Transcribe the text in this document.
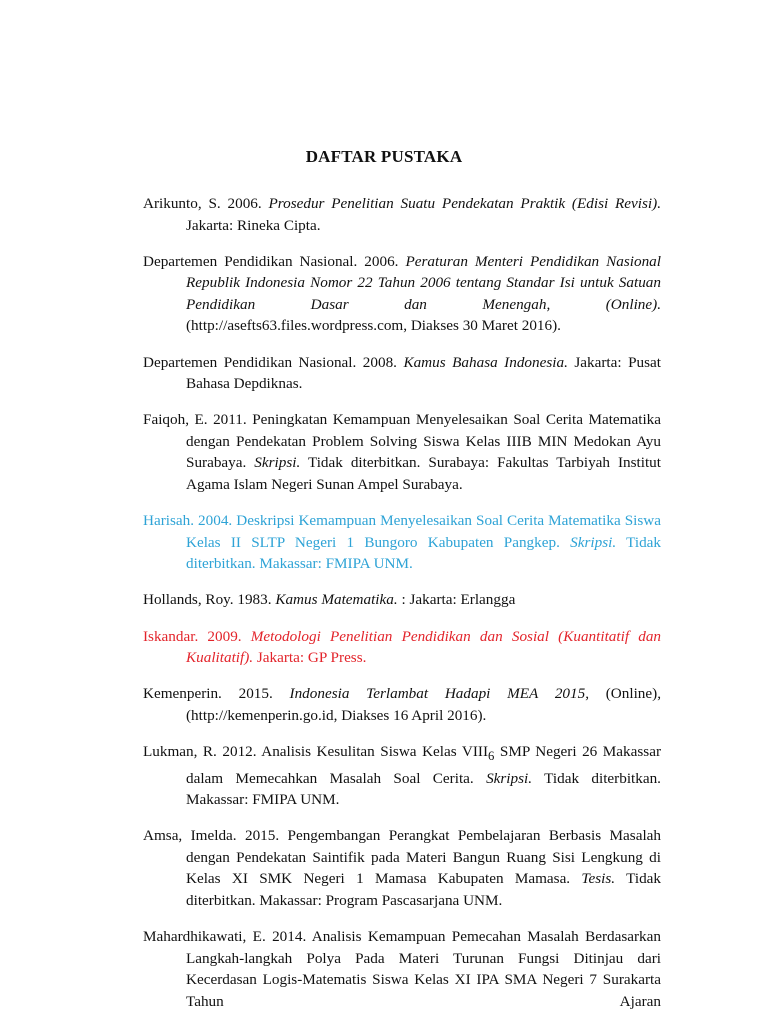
DAFTAR PUSTAKA

Arikunto, S. 2006. Prosedur Penelitian Suatu Pendekatan Praktik (Edisi Revisi). Jakarta: Rineka Cipta.

Departemen Pendidikan Nasional. 2006. Peraturan Menteri Pendidikan Nasional Republik Indonesia Nomor 22 Tahun 2006 tentang Standar Isi untuk Satuan Pendidikan Dasar dan Menengah, (Online). (http://asefts63.files.wordpress.com, Diakses 30 Maret 2016).

Departemen Pendidikan Nasional. 2008. Kamus Bahasa Indonesia. Jakarta: Pusat Bahasa Depdiknas.

Faiqoh, E. 2011. Peningkatan Kemampuan Menyelesaikan Soal Cerita Matematika dengan Pendekatan Problem Solving Siswa Kelas IIIB MIN Medokan Ayu Surabaya. Skripsi. Tidak diterbitkan. Surabaya: Fakultas Tarbiyah Institut Agama Islam Negeri Sunan Ampel Surabaya.

Harisah. 2004. Deskripsi Kemampuan Menyelesaikan Soal Cerita Matematika Siswa Kelas II SLTP Negeri 1 Bungoro Kabupaten Pangkep. Skripsi. Tidak diterbitkan. Makassar: FMIPA UNM.

Hollands, Roy. 1983. Kamus Matematika. : Jakarta: Erlangga

Iskandar. 2009. Metodologi Penelitian Pendidikan dan Sosial (Kuantitatif dan Kualitatif). Jakarta: GP Press.

Kemenperin. 2015. Indonesia Terlambat Hadapi MEA 2015, (Online), (http://kemenperin.go.id, Diakses 16 April 2016).

Lukman, R. 2012. Analisis Kesulitan Siswa Kelas $VIII_6$ SMP Negeri 26 Makassar dalam Memecahkan Masalah Soal Cerita. Skripsi. Tidak diterbitkan. Makassar: FMIPA UNM.

Amsa, Imelda. 2015. Pengembangan Perangkat Pembelajaran Berbasis Masalah dengan Pendekatan Saintifik pada Materi Bangun Ruang Sisi Lengkung di Kelas XI SMK Negeri 1 Mamasa Kabupaten Mamasa. Tesis. Tidak diterbitkan. Makassar: Program Pascasarjana UNM.

Mahardhikawati, E. 2014. Analisis Kemampuan Pemecahan Masalah Berdasarkan Langkah-langkah Polya Pada Materi Turunan Fungsi Ditinjau dari Kecerdasan Logis-Matematis Siswa Kelas XI IPA SMA Negeri 7 Surakarta Tahun Ajaran
